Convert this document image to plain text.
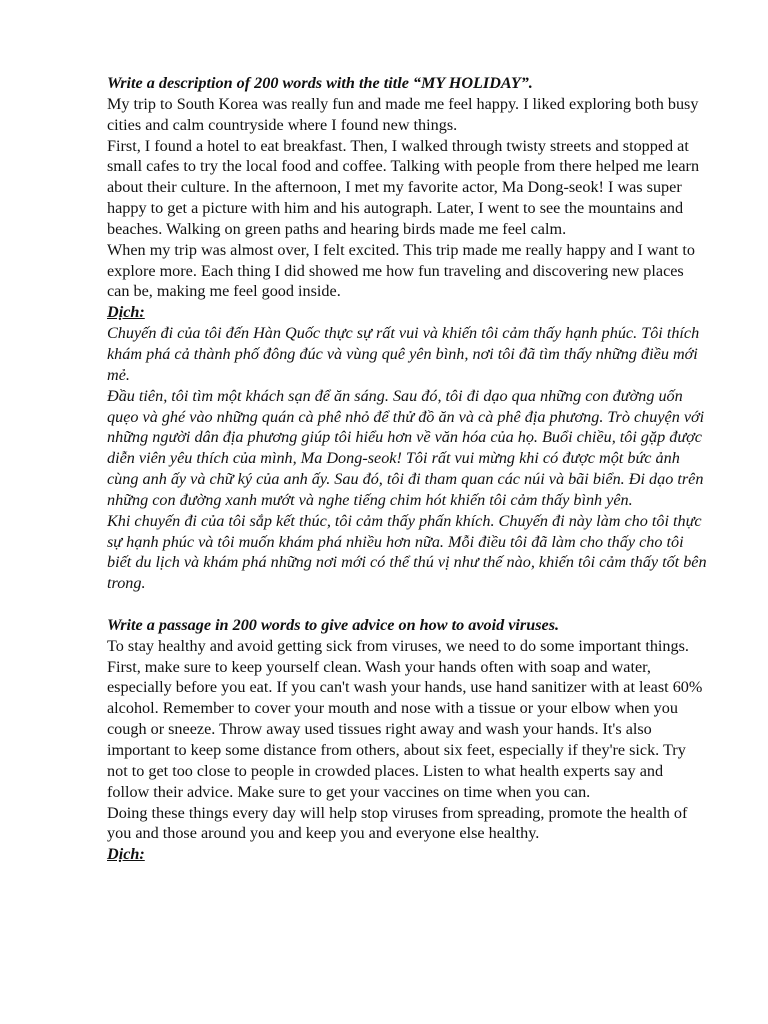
Write a description of 200 words with the title “MY HOLIDAY”.

My trip to South Korea was really fun and made me feel happy. I liked exploring both busy cities and calm countryside where I found new things.

First, I found a hotel to eat breakfast. Then, I walked through twisty streets and stopped at small cafes to try the local food and coffee. Talking with people from there helped me learn about their culture. In the afternoon, I met my favorite actor, Ma Dong-seok! I was super happy to get a picture with him and his autograph. Later, I went to see the mountains and beaches. Walking on green paths and hearing birds made me feel calm.

When my trip was almost over, I felt excited. This trip made me really happy and I want to explore more. Each thing I did showed me how fun traveling and discovering new places can be, making me feel good inside.

Dịch:

Chuyến đi của tôi đến Hàn Quốc thực sự rất vui và khiến tôi cảm thấy hạnh phúc. Tôi thích khám phá cả thành phố đông đúc và vùng quê yên bình, nơi tôi đã tìm thấy những điều mới mẻ.

Đầu tiên, tôi tìm một khách sạn để ăn sáng. Sau đó, tôi đi dạo qua những con đường uốn quẹo và ghé vào những quán cà phê nhỏ để thử đồ ăn và cà phê địa phương. Trò chuyện với những người dân địa phương giúp tôi hiểu hơn về văn hóa của họ. Buổi chiều, tôi gặp được diễn viên yêu thích của mình, Ma Dong-seok! Tôi rất vui mừng khi có được một bức ảnh cùng anh ấy và chữ ký của anh ấy. Sau đó, tôi đi tham quan các núi và bãi biển. Đi dạo trên những con đường xanh mướt và nghe tiếng chim hót khiến tôi cảm thấy bình yên.

Khi chuyến đi của tôi sắp kết thúc, tôi cảm thấy phấn khích. Chuyến đi này làm cho tôi thực sự hạnh phúc và tôi muốn khám phá nhiều hơn nữa. Mỗi điều tôi đã làm cho thấy cho tôi biết du lịch và khám phá những nơi mới có thể thú vị như thế nào, khiến tôi cảm thấy tốt bên trong.

Write a passage in 200 words to give advice on how to avoid viruses.

To stay healthy and avoid getting sick from viruses, we need to do some important things.

First, make sure to keep yourself clean. Wash your hands often with soap and water, especially before you eat. If you can't wash your hands, use hand sanitizer with at least 60% alcohol. Remember to cover your mouth and nose with a tissue or your elbow when you cough or sneeze. Throw away used tissues right away and wash your hands. It's also important to keep some distance from others, about six feet, especially if they're sick. Try not to get too close to people in crowded places. Listen to what health experts say and follow their advice. Make sure to get your vaccines on time when you can.

Doing these things every day will help stop viruses from spreading, promote the health of you and those around you and keep you and everyone else healthy.

Dịch:
